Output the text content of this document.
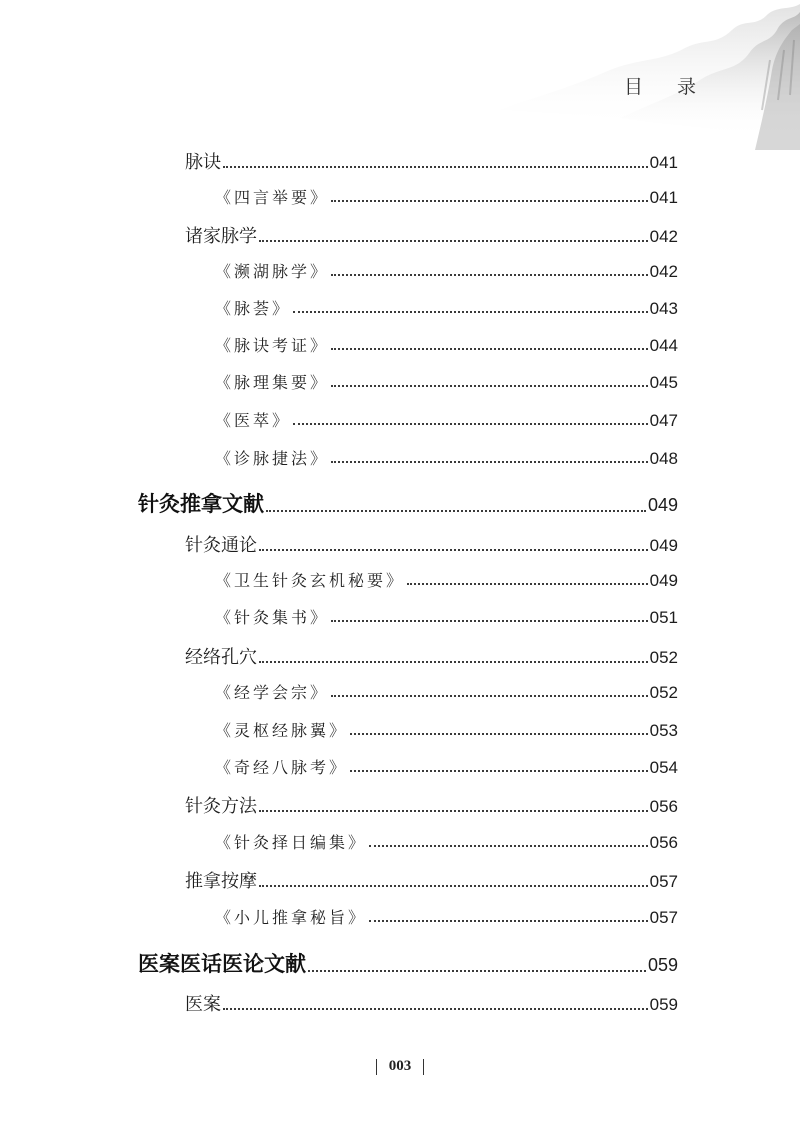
目 录
脉诀	041
《四言举要》	041
诸家脉学	042
《濒湖脉学》	042
《脉荟》	043
《脉诀考证》	044
《脉理集要》	045
《医萃》	047
《诊脉捷法》	048
针灸推拿文献	049
针灸通论	049
《卫生针灸玄机秘要》	049
《针灸集书》	051
经络孔穴	052
《经学会宗》	052
《灵枢经脉翼》	053
《奇经八脉考》	054
针灸方法	056
《针灸择日编集》	056
推拿按摩	057
《小儿推拿秘旨》	057
医案医话医论文献	059
医案	059
003
